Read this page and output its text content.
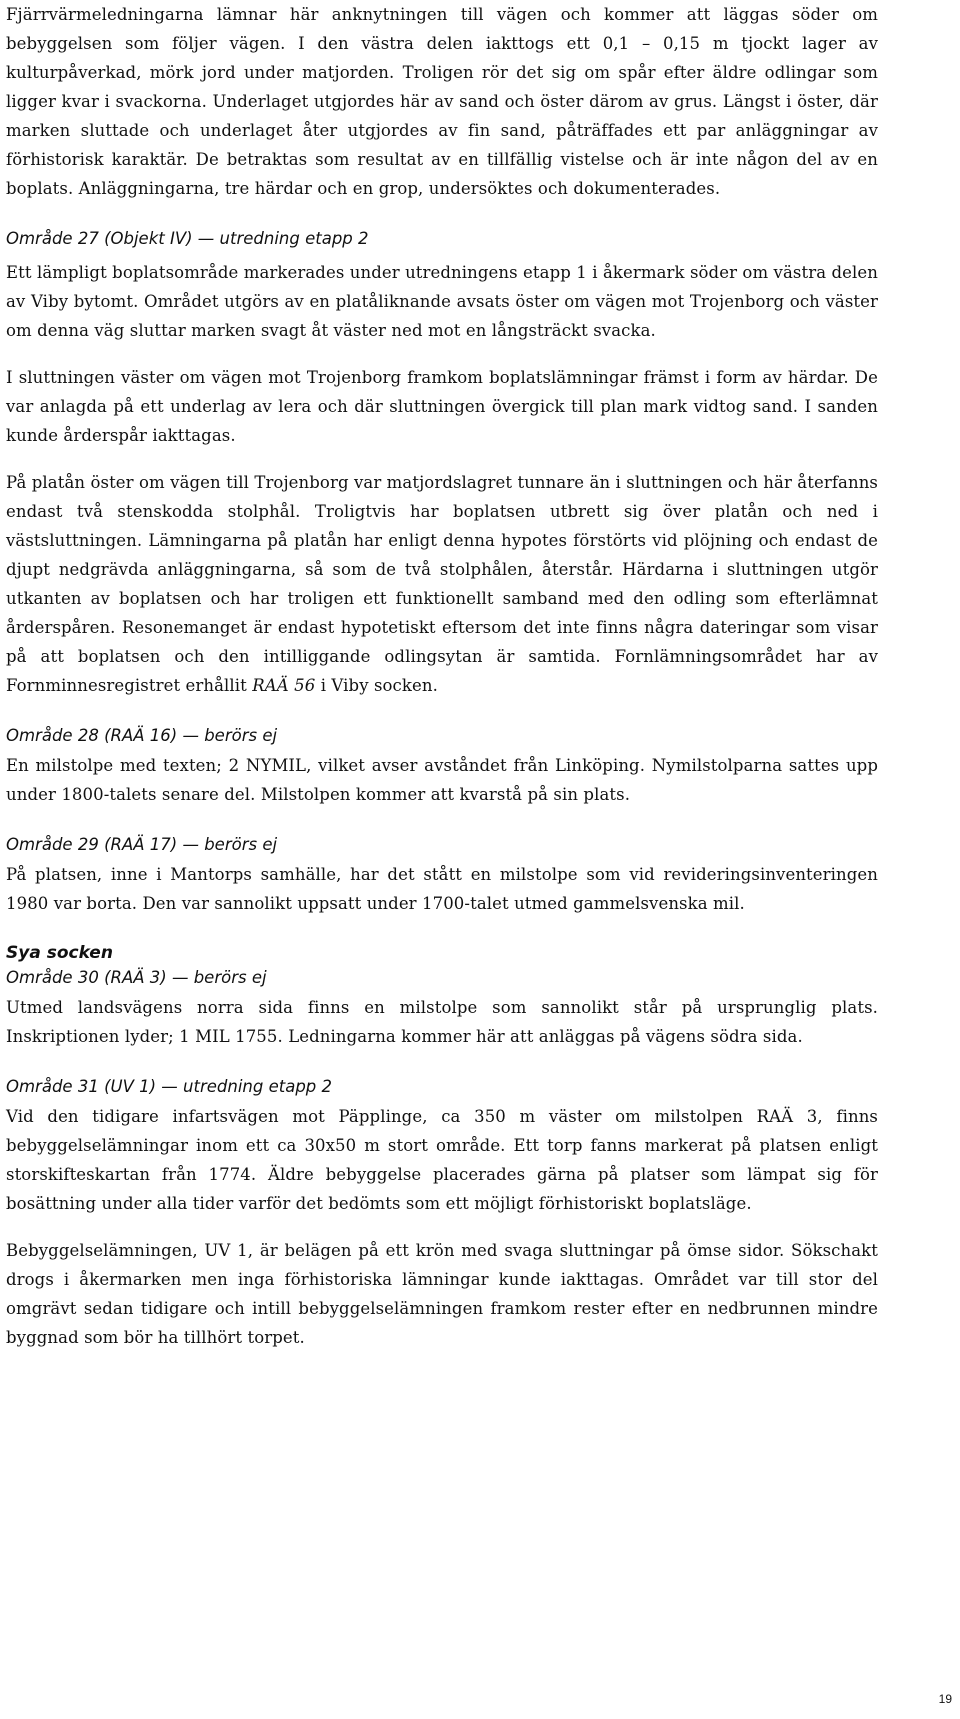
Fjärrvärmeledningarna lämnar här anknytningen till vägen och kommer att läggas söder om bebyggelsen som följer vägen. I den västra delen iakttogs ett 0,1 – 0,15 m tjockt lager av kulturpåverkad, mörk jord under matjorden. Troligen rör det sig om spår efter äldre odlingar som ligger kvar i svackorna. Underlaget utgjordes här av sand och öster därom av grus. Längst i öster, där marken sluttade och underlaget åter utgjordes av fin sand, påträffades ett par anläggningar av förhistorisk karaktär. De betraktas som resultat av en tillfällig vistelse och är inte någon del av en boplats. Anläggningarna, tre härdar och en grop, undersöktes och dokumenterades.

Område 27 (Objekt IV) — utredning etapp 2

Ett lämpligt boplatsområde markerades under utredningens etapp 1 i åkermark söder om västra delen av Viby bytomt. Området utgörs av en platåliknande avsats öster om vägen mot Trojenborg och väster om denna väg sluttar marken svagt åt väster ned mot en långsträckt svacka.

I sluttningen väster om vägen mot Trojenborg framkom boplatslämningar främst i form av härdar. De var anlagda på ett underlag av lera och där sluttningen övergick till plan mark vidtog sand. I sanden kunde årderspår iakttagas.

På platån öster om vägen till Trojenborg var matjordslagret tunnare än i sluttningen och här återfanns endast två stenskodda stolphål. Troligtvis har boplatsen utbrett sig över platån och ned i västsluttningen. Lämningarna på platån har enligt denna hypotes förstörts vid plöjning och endast de djupt nedgrävda anläggningarna, så som de två stolphålen, återstår. Härdarna i sluttningen utgör utkanten av boplatsen och har troligen ett funktionellt samband med den odling som efterlämnat årderspåren. Resonemanget är endast hypotetiskt eftersom det inte finns några dateringar som visar på att boplatsen och den intilliggande odlingsytan är samtida. Fornlämningsområdet har av Fornminnesregistret erhållit RAÄ 56 i Viby socken.

Område 28 (RAÄ 16) — berörs ej

En milstolpe med texten; 2 NYMIL, vilket avser avståndet från Linköping. Nymilstolparna sattes upp under 1800-talets senare del. Milstolpen kommer att kvarstå på sin plats.

Område 29 (RAÄ 17) — berörs ej

På platsen, inne i Mantorps samhälle, har det stått en milstolpe som vid revideringsinventeringen 1980 var borta. Den var sannolikt uppsatt under 1700-talet utmed gammelsvenska mil.

Sya socken

Område 30 (RAÄ 3) — berörs ej

Utmed landsvägens norra sida finns en milstolpe som sannolikt står på ursprunglig plats. Inskriptionen lyder; 1 MIL 1755. Ledningarna kommer här att anläggas på vägens södra sida.

Område 31 (UV 1) — utredning etapp 2

Vid den tidigare infartsvägen mot Päpplinge, ca 350 m väster om milstolpen RAÄ 3, finns bebyggelselämningar inom ett ca 30x50 m stort område. Ett torp fanns markerat på platsen enligt storskifteskartan från 1774. Äldre bebyggelse placerades gärna på platser som lämpat sig för bosättning under alla tider varför det bedömts som ett möjligt förhistoriskt boplatsläge.

Bebyggelselämningen, UV 1, är belägen på ett krön med svaga sluttningar på ömse sidor. Sökschakt drogs i åkermarken men inga förhistoriska lämningar kunde iakttagas. Området var till stor del omgrävt sedan tidigare och intill bebyggelselämningen framkom rester efter en nedbrunnen mindre byggnad som bör ha tillhört torpet.

19
